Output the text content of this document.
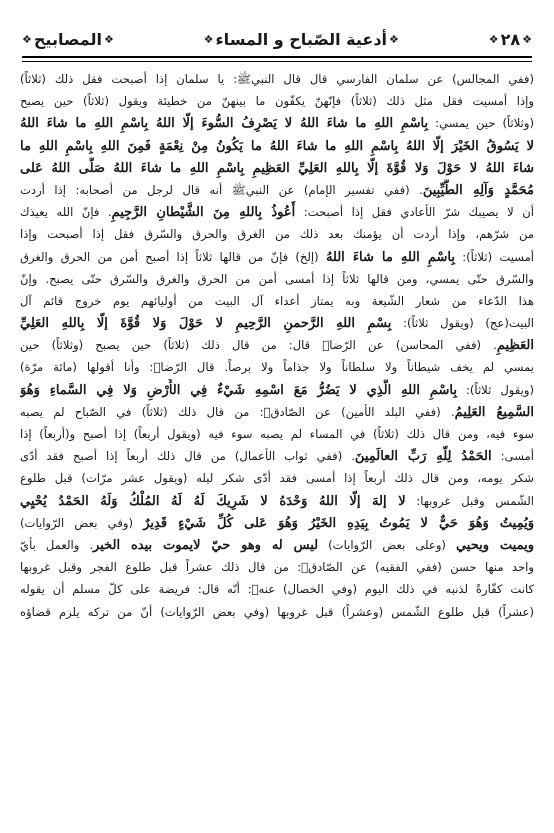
❖
٢٨
❖
❖
أدعية الصّباح و المساء
❖
❖
المصابيح
❖
(ففي المجالس) عن سلمان الفارسي قال قال النبيﷺ: يا سلمان إذا أصبحت فقل ذلك (ثلاثاً)
وإذا أمسيت فقل مثل ذلك (ثلاثاً) فإنّهنّ يكفّون ما بينهنّ من خطيئة ويقول (ثلاثاً) حين يصبح
(وثلاثاً) حين يمسي: بِاسْمِ اللهِ ما شاءَ اللهُ لا يَصْرِفُ السُّوءَ إلّا اللهُ بِاسْمِ اللهِ ما شاءَ اللهُ
لا يَسُوقُ الخَيْرَ إلّا اللهُ بِاسْمِ اللهِ ما شاءَ اللهُ ما يَكُونُ مِنْ نِعْمَةٍ فَمِنَ اللهِ بِاسْمِ اللهِ ما
شاءَ اللهُ لا حَوْلَ وَلا قُوَّةَ إلّا بِاللهِ العَلِيِّ العَظِيمِ بِاسْمِ اللهِ ما شاءَ اللهُ صَلَّى اللهُ عَلى
مُحَمَّدٍ وَآلِهِ الطَّيِّبِينَ. (ففي تفسير الإمام) عن النبيﷺ أنه قال لرجل من أصحابه: إذا أردت
أن لا يصيبك شرّ الأعادي فقل إذا أصبحت: أَعُوذُ بِاللهِ مِنَ الشَّيْطانِ الرَّجِيمِ. فإنّ الله يعيذك
من شرّهم، وإذا أردت أن يؤمنك بعد ذلك من الغرق والحرق والسّرق فقل إذا أصبحت وإذا
أمسيت (ثلاثاً): بِاسْمِ اللهِ ما شاءَ اللهُ (إلخ) فإنّ من قالها ثلاثاً إذا أصبح أمن من الحرق والغرق
والسّرق حتّى يمسي، ومن قالها ثلاثاً إذا أمسى أمن من الحرق والغرق والسّرق حتّى يصبح. وإنّ
هذا الدّعاء من شعار الشّيعة وبه يمتاز أعداء آل البيت من أوليائهم يوم خروج قائم آل
البيت(عج) (ويقول ثلاثاً): بِسْمِ اللهِ الرَّحمنِ الرَّحِيمِ لا حَوْلَ وَلا قُوَّةَ إلّا بِاللهِ العَلِيِّ
العَظِيمِ. (ففي المحاسن) عن الرّضاؑ قال: من قال ذلك (ثلاثاً) حين يصبح (وثلاثاً) حين
يمسي لم يخف شيطاناً ولا سلطاناً ولا جذاماً ولا برصاً. قال الرّضاؑ: وأنا أقولها (مائة مرّة)
(ويقول ثلاثاً): بِاسْمِ اللهِ الَّذِي لا يَضُرُّ مَعَ اسْمِهِ شَيْءٌ فِي الأَرْضِ وَلا فِي السَّماءِ وَهُوَ
السَّمِيعُ العَلِيمُ. (ففي البلد الأمين) عن الصّادقؑ: من قال ذلك (ثلاثاً) في الصّباح لم يصبه
سوء فيه، ومن قال ذلك (ثلاثاً) في المساء لم يصبه سوء فيه (ويقول أربعاً) إذا أصبح و(أربعاً) إذا
أمسى: الحَمْدُ لِلّهِ رَبِّ العالَمِينَ. (ففي ثواب الأعمال) من قال ذلك أربعاً إذا أصبح فقد أدّى
شكر يومه، ومن قال ذلك أربعاً إذا أمسى فقد أدّى شكر ليله (ويقول عشر مرّات) قبل طلوع
الشّمس وقبل غروبها: لا إلهَ إلّا اللهُ وَحْدَهُ لا شَرِيكَ لَهُ لَهُ المُلْكُ وَلَهُ الحَمْدُ يُحْيِي
وَيُمِيتُ وَهُوَ حَيٌّ لا يَمُوتُ بِيَدِهِ الخَيْرُ وَهُوَ عَلى كُلِّ شَيْءٍ قَدِيرٌ (وفي بعض الرّوايات)
ويميت ويحيي (وعلى بعض الرّوايات) ليس له وهو حيّ لايموت بيده الخير. والعمل بأيّ
واحد منها حسن (ففي الفقيه) عن الصّادقؑ: من قال ذلك عشراً قبل طلوع الفجر وقبل غروبها
كانت كفّارةً لذنبه في ذلك اليوم (وفي الخصال) عنهؑ: أنّه قال: فريضة على كلّ مسلم أن يقوله
(عشراً) قبل طلوع الشّمس (وعشراً) قبل غروبها (وفي بعض الرّوايات) أنّ من تركه يلزم قضاؤه
